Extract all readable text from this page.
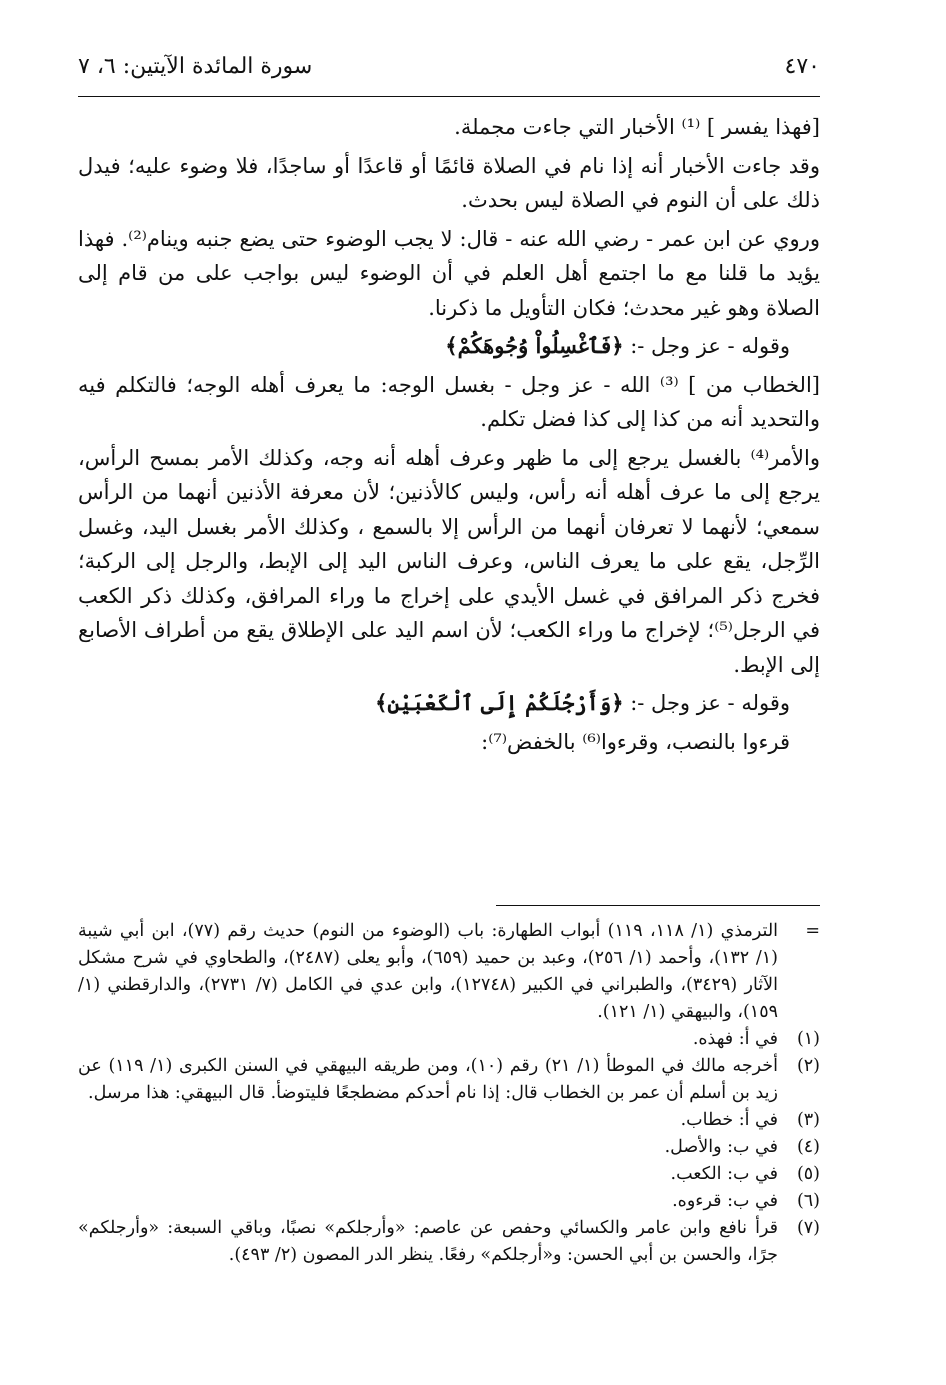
٤٧٠
سورة المائدة الآيتين: ٦، ٧

[فهذا يفسر ] ⁽¹⁾ الأخبار التي جاءت مجملة.

وقد جاءت الأخبار أنه إذا نام في الصلاة قائمًا أو قاعدًا أو ساجدًا، فلا وضوء عليه؛ فيدل ذلك على أن النوم في الصلاة ليس بحدث.

وروي عن ابن عمر - رضي الله عنه - قال: لا يجب الوضوء حتى يضع جنبه وينام⁽²⁾. فهذا يؤيد ما قلنا مع ما اجتمع أهل العلم في أن الوضوء ليس بواجب على من قام إلى الصلاة وهو غير محدث؛ فكان التأويل ما ذكرنا.

وقوله - عز وجل -: ﴿فَٱغْسِلُواْ وُجُوهَكُمْ﴾

[الخطاب من ] ⁽³⁾ الله - عز وجل - بغسل الوجه: ما يعرف أهله الوجه؛ فالتكلم فيه والتحديد أنه من كذا إلى كذا فضل تكلم.

والأمر⁽⁴⁾ بالغسل يرجع إلى ما ظهر وعرف أهله أنه وجه، وكذلك الأمر بمسح الرأس، يرجع إلى ما عرف أهله أنه رأس، وليس كالأذنين؛ لأن معرفة الأذنين أنهما من الرأس سمعي؛ لأنهما لا تعرفان أنهما من الرأس إلا بالسمع ، وكذلك الأمر بغسل اليد، وغسل الرِّجل، يقع على ما يعرف الناس، وعرف الناس اليد إلى الإبط، والرجل إلى الركبة؛ فخرج ذكر المرافق في غسل الأيدي على إخراج ما وراء المرافق، وكذلك ذكر الكعب في الرجل⁽⁵⁾؛ لإخراج ما وراء الكعب؛ لأن اسم اليد على الإطلاق يقع من أطراف الأصابع إلى الإبط.

وقوله - عز وجل -: ﴿وَأَرْجُلَكُمْ إِلَى ٱلْكَعْبَيْنِ﴾

قرءوا بالنصب، وقرءوا⁽⁶⁾ بالخفض⁽⁷⁾:

=
الترمذي (١/ ١١٨، ١١٩) أبواب الطهارة: باب (الوضوء من النوم) حديث رقم (٧٧)، ابن أبي شيبة (١/ ١٣٢)، وأحمد (١/ ٢٥٦)، وعبد بن حميد (٦٥٩)، وأبو يعلى (٢٤٨٧)، والطحاوي في شرح مشكل الآثار (٣٤٢٩)، والطبراني في الكبير (١٢٧٤٨)، وابن عدي في الكامل (٧/ ٢٧٣١)، والدارقطني (١/ ١٥٩)، والبيهقي (١/ ١٢١).
(١)
في أ: فهذه.
(٢)
أخرجه مالك في الموطأ (١/ ٢١) رقم (١٠)، ومن طريقه البيهقي في السنن الكبرى (١/ ١١٩) عن زيد بن أسلم أن عمر بن الخطاب قال: إذا نام أحدكم مضطجعًا فليتوضأ. قال البيهقي: هذا مرسل.
(٣)
في أ: خطاب.
(٤)
في ب: والأصل.
(٥)
في ب: الكعب.
(٦)
في ب: قرءوه.
(٧)
قرأ نافع وابن عامر والكسائي وحفص عن عاصم: «وأرجلكم» نصبًا، وباقي السبعة: «وأرجلكم» جرًا، والحسن بن أبي الحسن: و«أرجلكم» رفعًا. ينظر الدر المصون (٢/ ٤٩٣).
